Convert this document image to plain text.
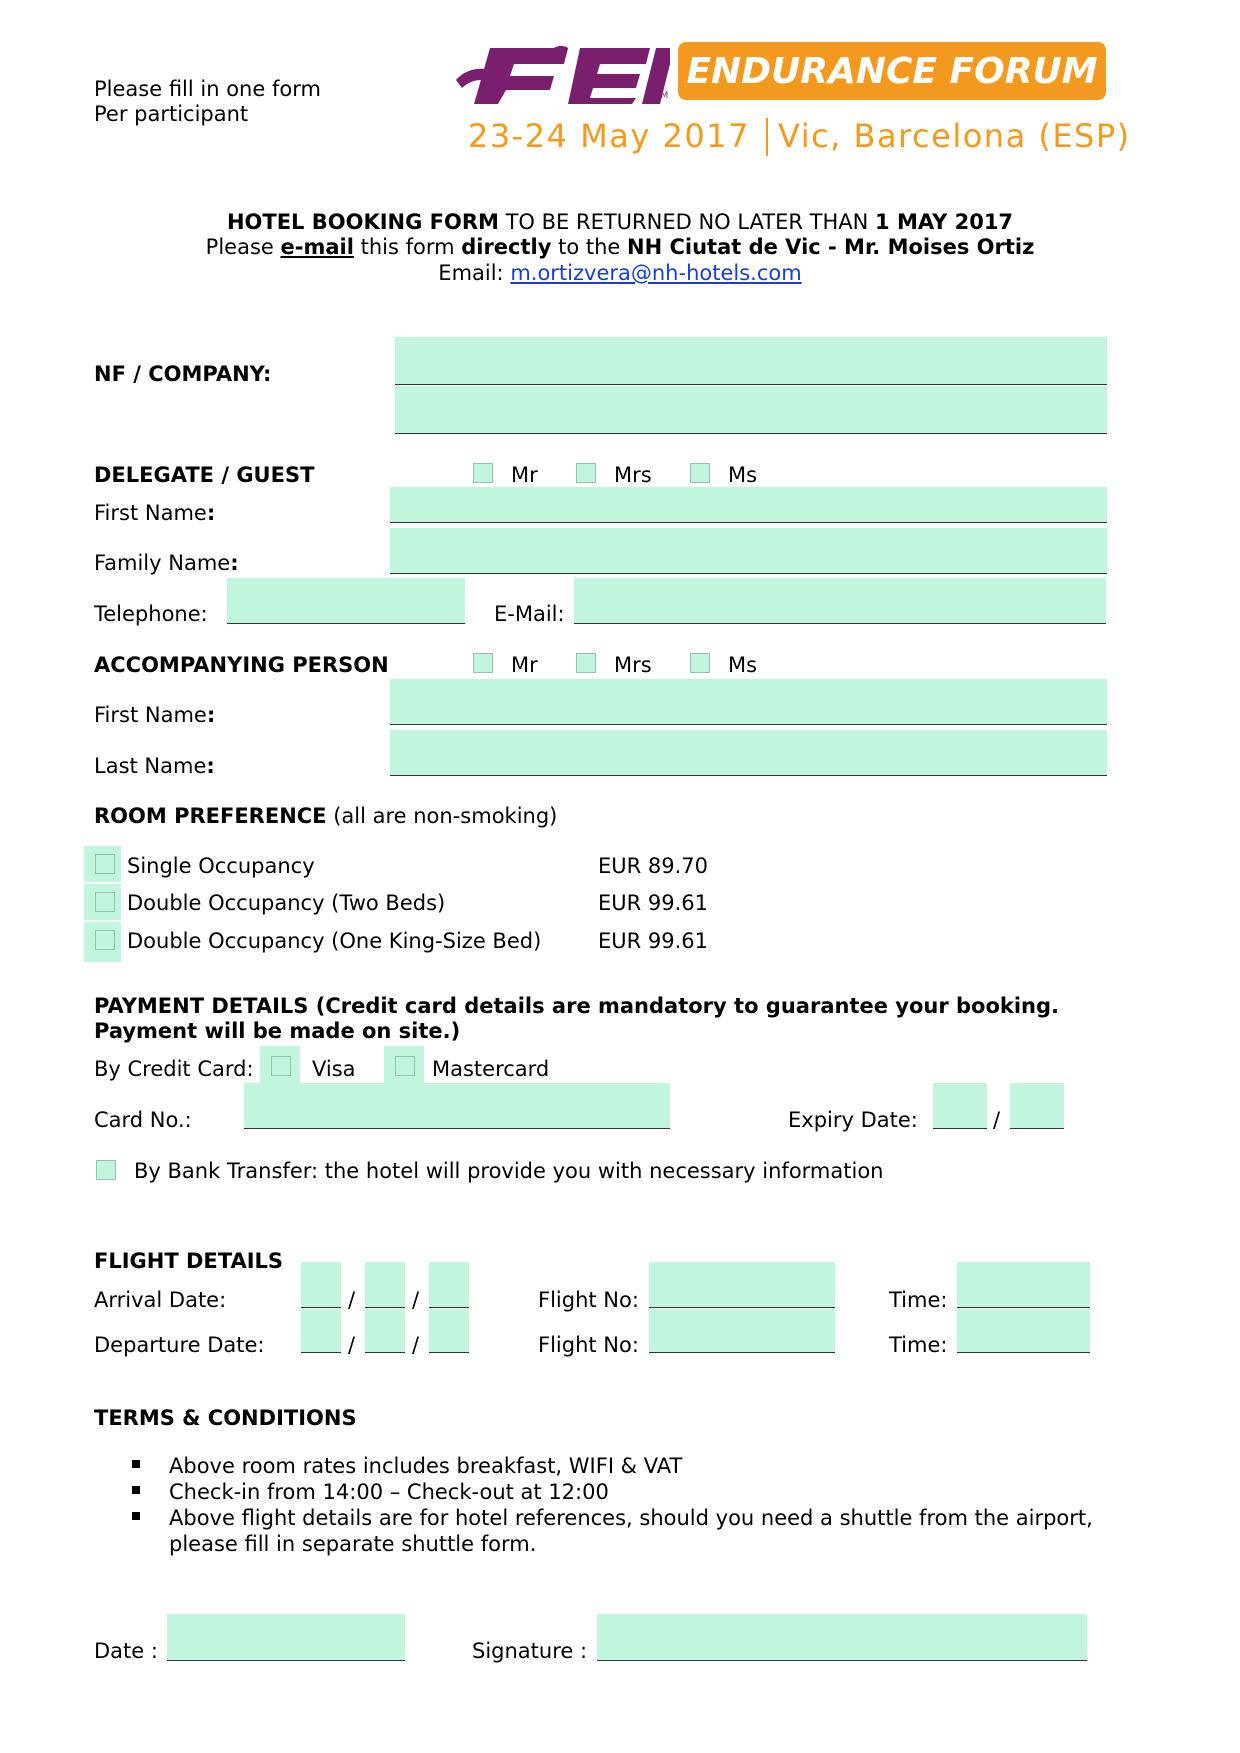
Please fill in one form
Per participant
TM
ENDURANCE FORUM
23-24 May 2017 Vic, Barcelona (ESP)
HOTEL BOOKING FORM TO BE RETURNED NO LATER THAN 1 MAY 2017
Please e-mail this form directly to the NH Ciutat de Vic - Mr. Moises Ortiz
Email: m.ortizvera@nh-hotels.com
NF / COMPANY:
DELEGATE / GUEST	Mr	Mrs	Ms
First Name:
Family Name:
Telephone:	E-Mail:
ACCOMPANYING PERSON	Mr	Mrs	Ms
First Name:
Last Name:
ROOM PREFERENCE (all are non-smoking)
Single Occupancy	EUR 89.70
Double Occupancy (Two Beds)	EUR 99.61
Double Occupancy (One King-Size Bed)	EUR 99.61
PAYMENT DETAILS (Credit card details are mandatory to guarantee your booking.
Payment will be made on site.)
By Credit Card:	Visa	Mastercard
Card No.:	Expiry Date:	/
By Bank Transfer: the hotel will provide you with necessary information
FLIGHT DETAILS
Arrival Date:	/	/	Flight No:	Time:
Departure Date:	/	/	Flight No:	Time:
TERMS & CONDITIONS
Above room rates includes breakfast, WIFI & VAT
Check-in from 14:00 – Check-out at 12:00
Above flight details are for hotel references, should you need a shuttle from the airport,
please fill in separate shuttle form.
Date :	Signature :
